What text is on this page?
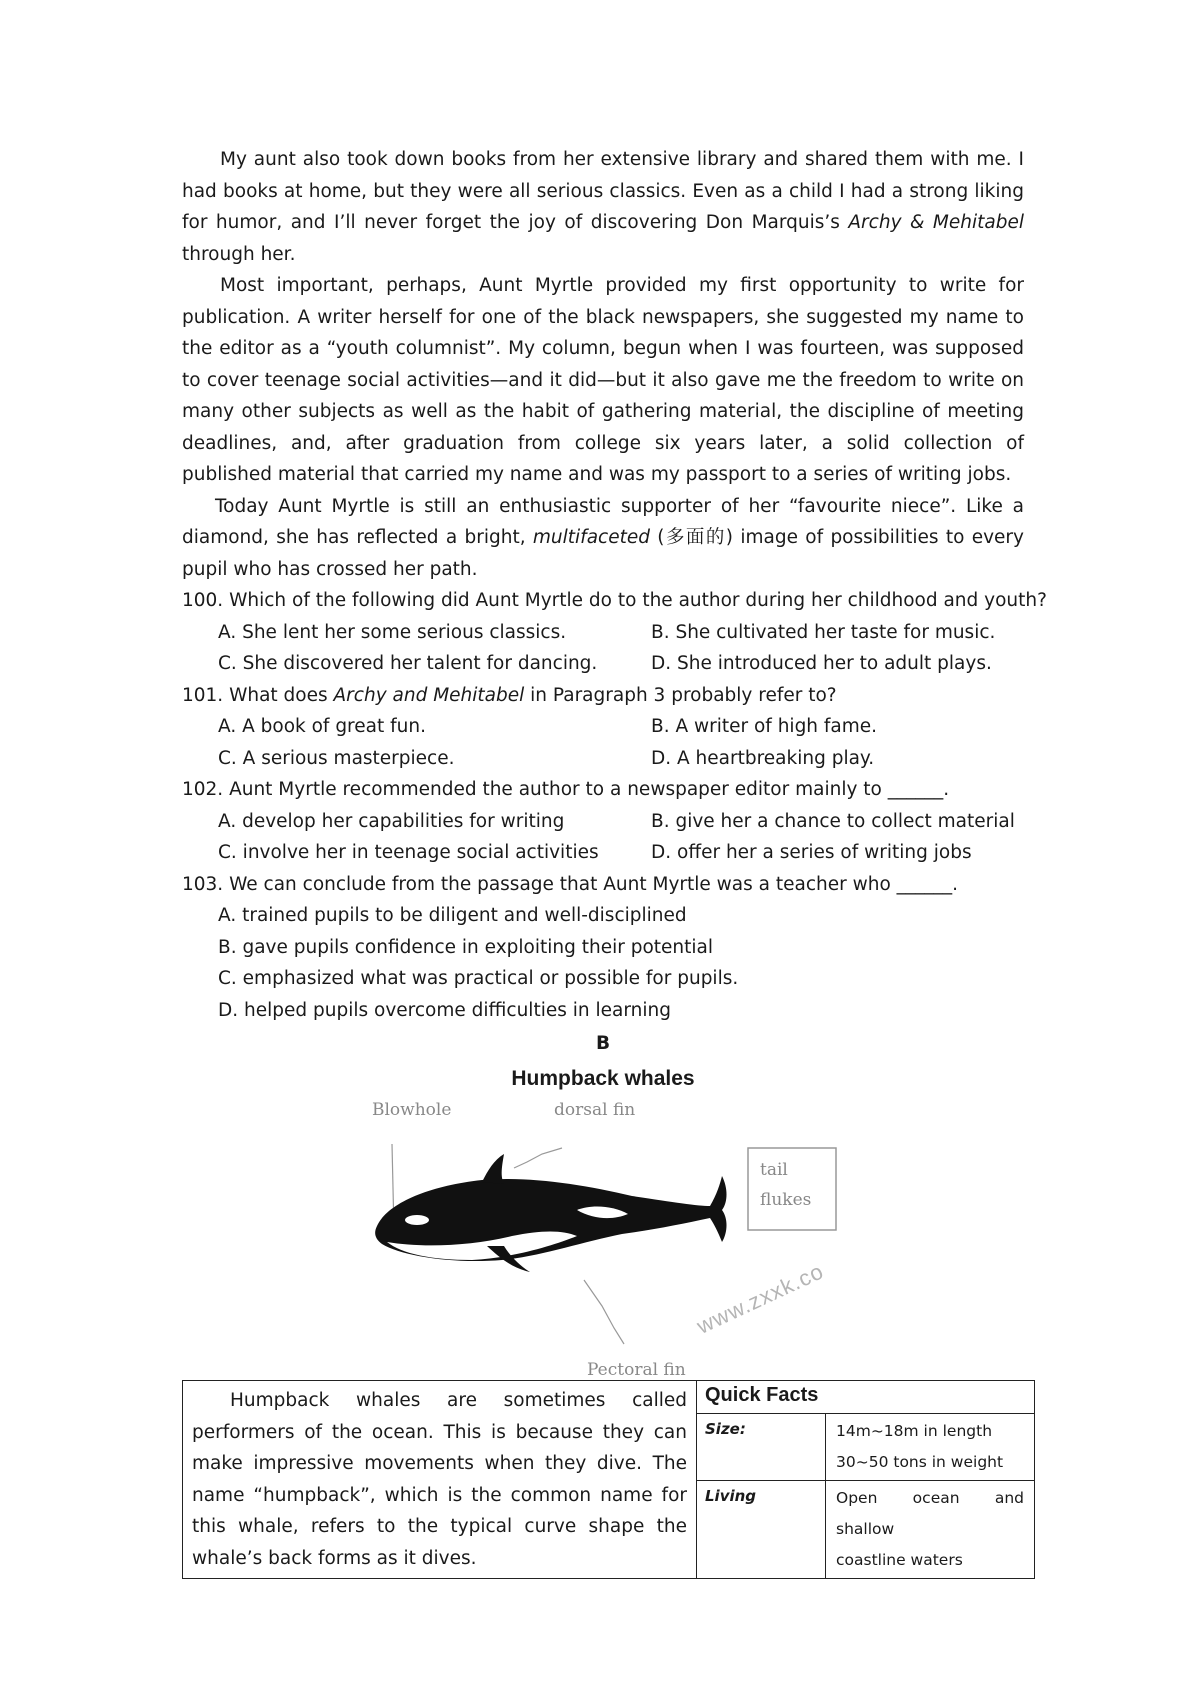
My aunt also took down books from her extensive library and shared them with me. I had books at home, but they were all serious classics. Even as a child I had a strong liking for humor, and I’ll never forget the joy of discovering Don Marquis’s Archy & Mehitabel through her.

Most important, perhaps, Aunt Myrtle provided my first opportunity to write for publication. A writer herself for one of the black newspapers, she suggested my name to the editor as a “youth columnist”. My column, begun when I was fourteen, was supposed to cover teenage social activities—and it did—but it also gave me the freedom to write on many other subjects as well as the habit of gathering material, the discipline of meeting deadlines, and, after graduation from college six years later, a solid collection of published material that carried my name and was my passport to a series of writing jobs.

Today Aunt Myrtle is still an enthusiastic supporter of her “favourite niece”. Like a diamond, she has reflected a bright, multifaceted (多面的) image of possibilities to every pupil who has crossed her path.

100. Which of the following did Aunt Myrtle do to the author during her childhood and youth?

A. She lent her some serious classics.	B. She cultivated her taste for music.
C. She discovered her talent for dancing.	D. She introduced her to adult plays.

101. What does Archy and Mehitabel in Paragraph 3 probably refer to?

A. A book of great fun.	B. A writer of high fame.
C. A serious masterpiece.	D. A heartbreaking play.

102. Aunt Myrtle recommended the author to a newspaper editor mainly to ______.

A. develop her capabilities for writing	B. give her a chance to collect material
C. involve her in teenage social activities	D. offer her a series of writing jobs

103. We can conclude from the passage that Aunt Myrtle was a teacher who ______.

A. trained pupils to be diligent and well-disciplined
B. gave pupils confidence in exploiting their potential
C. emphasized what was practical or possible for pupils.
D. helped pupils overcome difficulties in learning
B
Humpback whales
Blowhole	dorsal fin
tail
flukes
Pectoral fin
www.zxxk.co
Humpback whales are sometimes called performers of the ocean. This is because they can make impressive movements when they dive. The name “humpback”, which is the common name for this whale, refers to the typical curve shape the whale’s back forms as it dives.	Quick Facts	
	Size:	14m~18m in length
30~50 tons in weight

	Living	Open ocean and shallow
coastline waters
